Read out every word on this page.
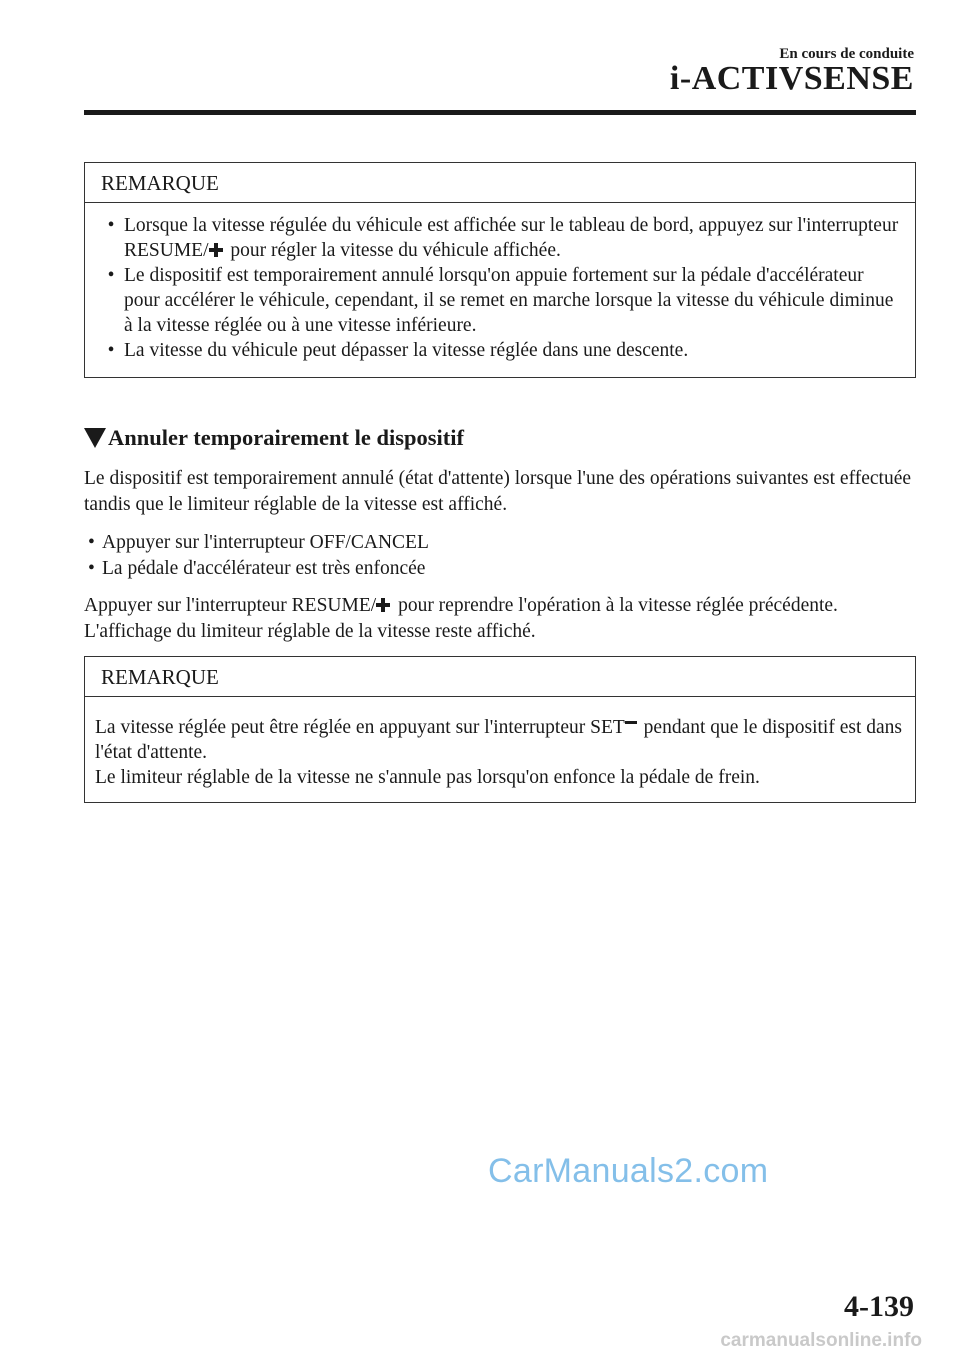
En cours de conduite
i-ACTIVSENSE
REMARQUE
• Lorsque la vitesse régulée du véhicule est affichée sur le tableau de bord, appuyez sur l'interrupteur RESUME/ pour régler la vitesse du véhicule affichée.
• Le dispositif est temporairement annulé lorsqu'on appuie fortement sur la pédale d'accélérateur pour accélérer le véhicule, cependant, il se remet en marche lorsque la vitesse du véhicule diminue à la vitesse réglée ou à une vitesse inférieure.
• La vitesse du véhicule peut dépasser la vitesse réglée dans une descente.
Annuler temporairement le dispositif
Le dispositif est temporairement annulé (état d'attente) lorsque l'une des opérations suivantes est effectuée tandis que le limiteur réglable de la vitesse est affiché.
• Appuyer sur l'interrupteur OFF/CANCEL
• La pédale d'accélérateur est très enfoncée
Appuyer sur l'interrupteur RESUME/ pour reprendre l'opération à la vitesse réglée précédente. L'affichage du limiteur réglable de la vitesse reste affiché.
REMARQUE
La vitesse réglée peut être réglée en appuyant sur l'interrupteur SET pendant que le dispositif est dans l'état d'attente.
Le limiteur réglable de la vitesse ne s'annule pas lorsqu'on enfonce la pédale de frein.
CarManuals2.com
4-139
carmanualsonline.info
